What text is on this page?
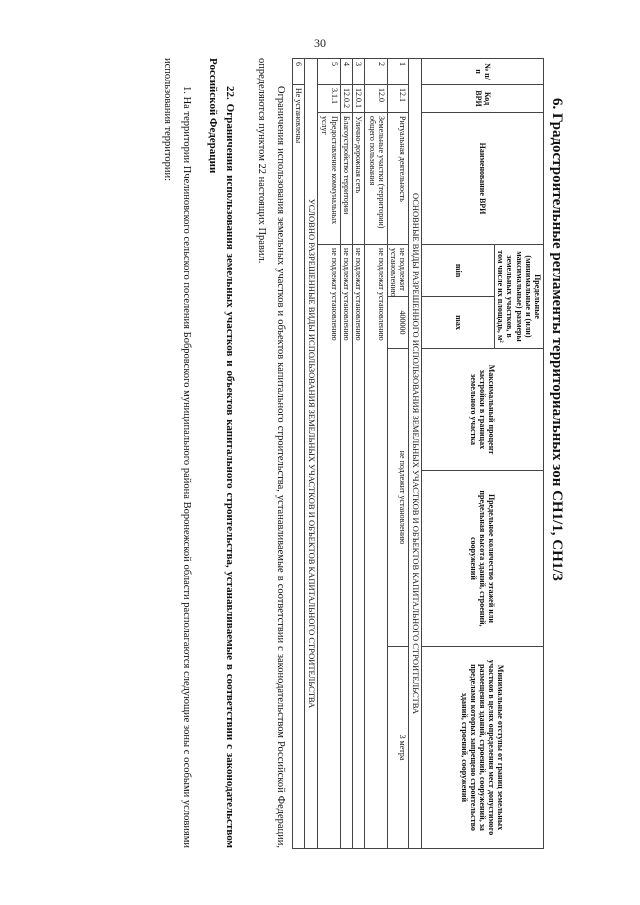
30
6. Градостроительные регламенты территориальных зон СН1/1, СН1/3
№ п/п	Код ВРИ	Наименование ВРИ	Предельные (минимальные и (или) максимальные) размеры земельных участков, в том числе их площадь, м²		Максимальный процент застройки в границах земельного участка	Предельное количество этажей или предельная высота зданий, строений, сооружений	Минимальные отступы от границ земельных участков в целях определения мест допустимого размещения зданий, строений, сооружений, за пределами которых запрещено строительство зданий, строений, сооружений
			min	max			
ОСНОВНЫЕ ВИДЫ РАЗРЕШЕННОГО ИСПОЛЬЗОВАНИЯ ЗЕМЕЛЬНЫХ УЧАСТКОВ И ОБЪЕКТОВ КАПИТАЛЬНОГО СТРОИТЕЛЬСТВА							
1	12.1	Ритуальная деятельность	не подлежит установлению	400000	не подлежит установлению		3 метра
2	12.0	Земельные участки (территории) общего пользования	не подлежат установлению				
3	12.0.1	Улично-дорожная сеть	не подлежат установлению				
4	12.0.2	Благоустройство территории	не подлежат установлению				
5	3.1.1	Предоставление коммунальных услуг	не подлежат установлению				
УСЛОВНО РАЗРЕШЕННЫЕ ВИДЫ ИСПОЛЬЗОВАНИЯ ЗЕМЕЛЬНЫХ УЧАСТКОВ И ОБЪЕКТОВ КАПИТАЛЬНОГО СТРОИТЕЛЬСТВА							
6	Не установлены						
Ограничения использования земельных участков и объектов капитального строительства, устанавливаемые в соответствии с законодательством Российской Федерации, определяются пунктом 22 настоящих Правил.
22. Ограничения использования земельных участков и объектов капитального строительства, устанавливаемые в соответствии с законодательством Российской Федерации
1. На территории Пчелиновского сельского поселения Бобровского муниципального района Воронежской области располагаются следующие зоны с особыми условиями использования территории:
